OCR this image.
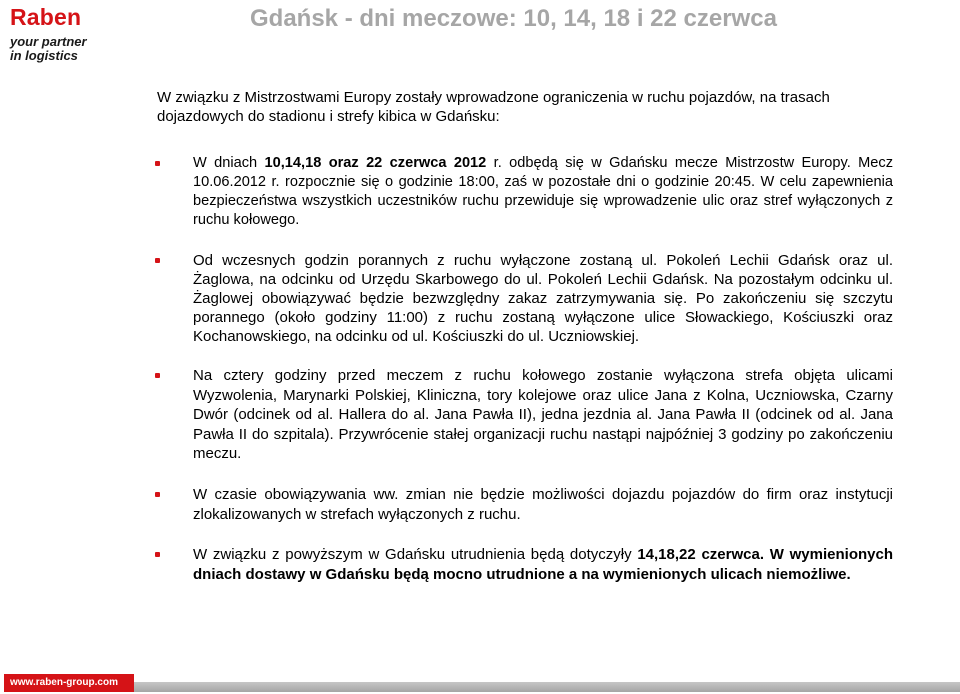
Raben
your partner
in logistics
Gdańsk - dni meczowe: 10, 14, 18 i 22 czerwca

W związku z Mistrzostwami Europy zostały wprowadzone ograniczenia w ruchu pojazdów, na trasach dojazdowych do stadionu i strefy kibica w Gdańsku:

W dniach 10,14,18 oraz 22 czerwca 2012 r. odbędą się w Gdańsku mecze Mistrzostw Europy. Mecz 10.06.2012 r. rozpocznie się o godzinie 18:00, zaś w pozostałe dni o godzinie 20:45. W celu zapewnienia bezpieczeństwa wszystkich uczestników ruchu przewiduje się wprowadzenie ulic oraz stref wyłączonych z ruchu kołowego.

Od wczesnych godzin porannych z ruchu wyłączone zostaną ul. Pokoleń Lechii Gdańsk oraz ul. Żaglowa, na odcinku od Urzędu Skarbowego do ul. Pokoleń Lechii Gdańsk. Na pozostałym odcinku ul. Żaglowej obowiązywać będzie bezwzględny zakaz zatrzymywania się. Po zakończeniu się szczytu porannego (około godziny 11:00) z ruchu zostaną wyłączone ulice Słowackiego, Kościuszki oraz Kochanowskiego, na odcinku od ul. Kościuszki do ul. Uczniowskiej.

Na cztery godziny przed meczem z ruchu kołowego zostanie wyłączona strefa objęta ulicami Wyzwolenia, Marynarki Polskiej, Kliniczna, tory kolejowe oraz ulice Jana z Kolna, Uczniowska, Czarny Dwór (odcinek od al. Hallera do al. Jana Pawła II), jedna jezdnia al. Jana Pawła II (odcinek od al. Jana Pawła II do szpitala). Przywrócenie stałej organizacji ruchu nastąpi najpóźniej 3 godziny po zakończeniu meczu.

W czasie obowiązywania ww. zmian nie będzie możliwości dojazdu pojazdów do firm oraz instytucji zlokalizowanych w strefach wyłączonych z ruchu.

W związku z powyższym w Gdańsku utrudnienia będą dotyczyły 14,18,22 czerwca. W wymienionych dniach dostawy w Gdańsku będą mocno utrudnione a na wymienionych ulicach niemożliwe.

www.raben-group.com
